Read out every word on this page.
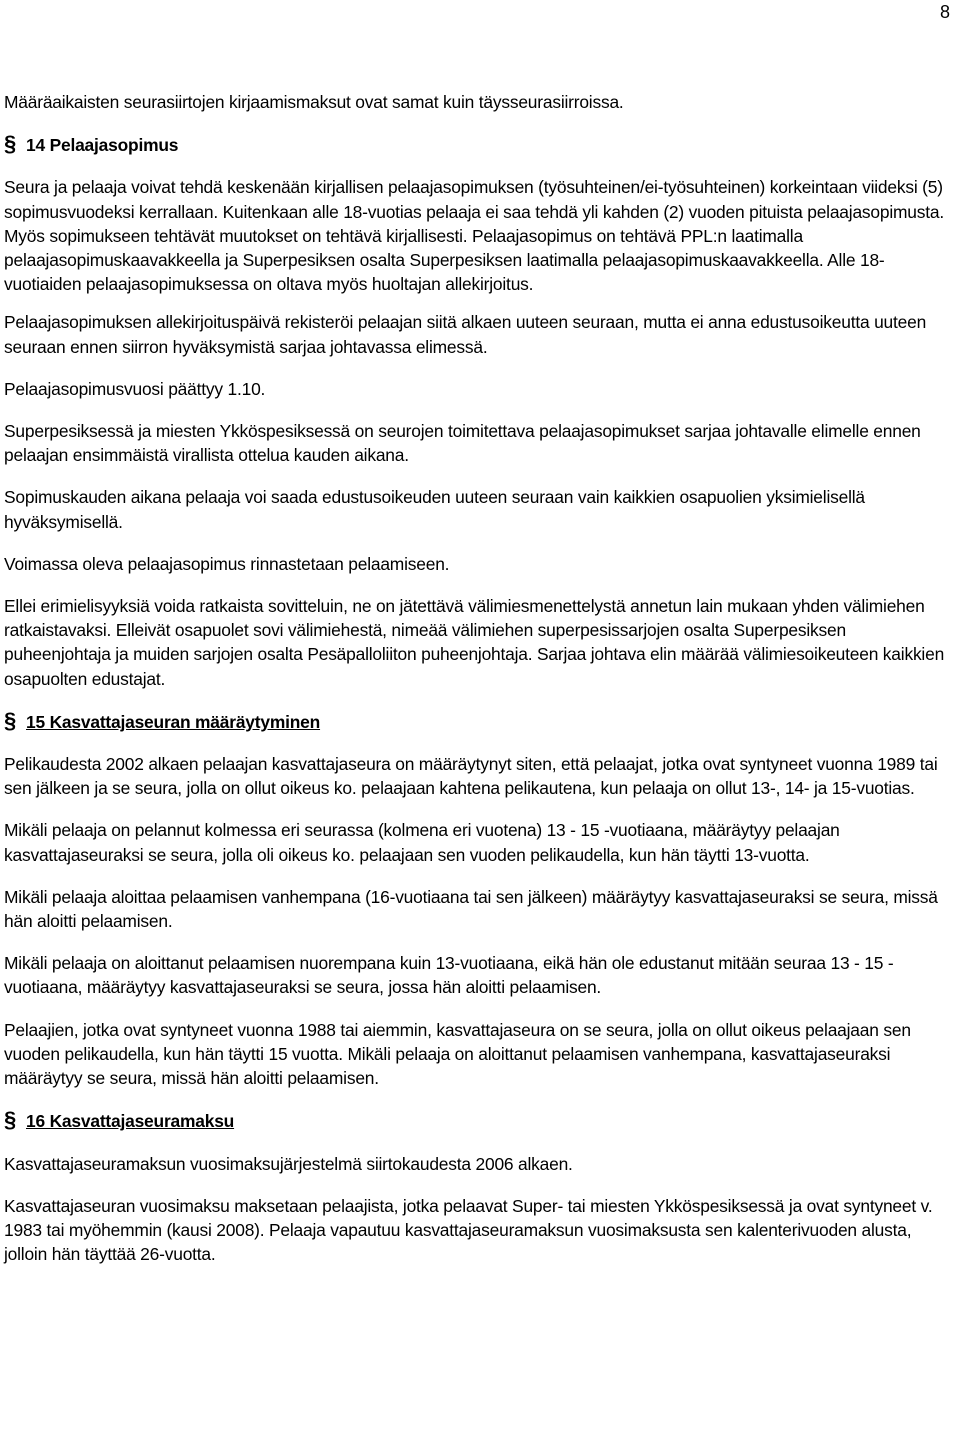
8

Määräaikaisten seurasiirtojen kirjaamismaksut ovat samat kuin täysseurasiirroissa.

§ 14 Pelaajasopimus

Seura ja pelaaja voivat tehdä keskenään kirjallisen pelaajasopimuksen (työsuhteinen/ei-työsuhteinen) korkeintaan viideksi (5) sopimusvuodeksi kerrallaan. Kuitenkaan alle 18-vuotias pelaaja ei saa tehdä yli kahden (2) vuoden pituista pelaajasopimusta. Myös sopimukseen tehtävät muutokset on tehtävä kirjallisesti. Pelaajasopimus on tehtävä PPL:n laatimalla pelaajasopimuskaavakkeella ja Superpesiksen osalta Superpesiksen laatimalla pelaajasopimuskaavakkeella. Alle 18-vuotiaiden pelaajasopimuksessa on oltava myös huoltajan allekirjoitus.

Pelaajasopimuksen allekirjoituspäivä rekisteröi pelaajan siitä alkaen uuteen seuraan, mutta ei anna edustusoikeutta uuteen seuraan ennen siirron hyväksymistä sarjaa johtavassa elimessä.

Pelaajasopimusvuosi päättyy 1.10.

Superpesiksessä ja miesten Ykköspesiksessä on seurojen toimitettava pelaajasopimukset sarjaa johtavalle elimelle ennen pelaajan ensimmäistä virallista ottelua kauden aikana.

Sopimuskauden aikana pelaaja voi saada edustusoikeuden uuteen seuraan vain kaikkien osapuolien yksimielisellä hyväksymisellä.

Voimassa oleva pelaajasopimus rinnastetaan pelaamiseen.

Ellei erimielisyyksiä voida ratkaista sovitteluin, ne on jätettävä välimiesmenettelystä annetun lain mukaan yhden välimiehen ratkaistavaksi. Elleivät osapuolet sovi välimiehestä, nimeää välimiehen superpesissarjojen osalta Superpesiksen puheenjohtaja ja muiden sarjojen osalta Pesäpalloliiton puheenjohtaja. Sarjaa johtava elin määrää välimiesoikeuteen kaikkien osapuolten edustajat.

§ 15 Kasvattajaseuran määräytyminen

Pelikaudesta 2002 alkaen pelaajan kasvattajaseura on määräytynyt siten, että pelaajat, jotka ovat syntyneet vuonna 1989 tai sen jälkeen ja se seura, jolla on ollut oikeus ko. pelaajaan kahtena pelikautena, kun pelaaja on ollut 13-, 14- ja 15-vuotias.

Mikäli pelaaja on pelannut kolmessa eri seurassa (kolmena eri vuotena) 13 - 15 -vuotiaana, määräytyy pelaajan kasvattajaseuraksi se seura, jolla oli oikeus ko. pelaajaan sen vuoden pelikaudella, kun hän täytti 13-vuotta.

Mikäli pelaaja aloittaa pelaamisen vanhempana (16-vuotiaana tai sen jälkeen) määräytyy kasvattajaseuraksi se seura, missä hän aloitti pelaamisen.

Mikäli pelaaja on aloittanut pelaamisen nuorempana kuin 13-vuotiaana, eikä hän ole edustanut mitään seuraa 13 - 15 -vuotiaana, määräytyy kasvattajaseuraksi se seura, jossa hän aloitti pelaamisen.

Pelaajien, jotka ovat syntyneet vuonna 1988 tai aiemmin, kasvattajaseura on se seura, jolla on ollut oikeus pelaajaan sen vuoden pelikaudella, kun hän täytti 15 vuotta. Mikäli pelaaja on aloittanut pelaamisen vanhempana, kasvattajaseuraksi määräytyy se seura, missä hän aloitti pelaamisen.

§ 16 Kasvattajaseuramaksu

Kasvattajaseuramaksun vuosimaksujärjestelmä siirtokaudesta 2006 alkaen.

Kasvattajaseuran vuosimaksu maksetaan pelaajista, jotka pelaavat Super- tai miesten Ykköspesiksessä ja ovat syntyneet v. 1983 tai myöhemmin (kausi 2008). Pelaaja vapautuu kasvattajaseuramaksun vuosimaksusta sen kalenterivuoden alusta, jolloin hän täyttää 26-vuotta.
